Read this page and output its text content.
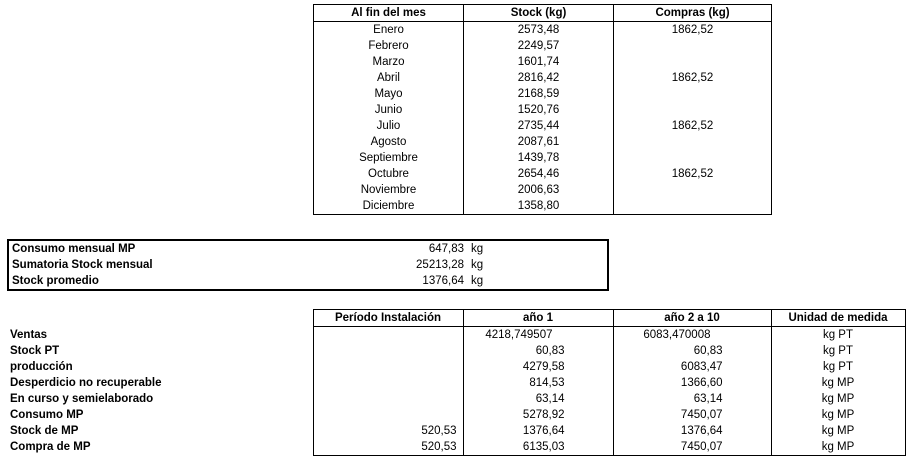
Al fin del mes	Stock (kg)	Compras (kg)
Enero	2573,48	1862,52
Febrero	2249,57	
Marzo	1601,74	
Abril	2816,42	1862,52
Mayo	2168,59	
Junio	1520,76	
Julio	2735,44	1862,52
Agosto	2087,61	
Septiembre	1439,78	
Octubre	2654,46	1862,52
Noviembre	2006,63	
Diciembre	1358,80	
Consumo mensual MP	647,83	kg
Sumatoria Stock mensual	25213,28	kg
Stock promedio	1376,64	kg
	Período Instalación	año 1	año 2 a 10	Unidad de medida
Ventas		4218,749507	6083,470008	kg PT
Stock PT		60,83	60,83	kg PT
producción		4279,58	6083,47	kg PT
Desperdicio no recuperable		814,53	1366,60	kg MP
En curso y semielaborado		63,14	63,14	kg MP
Consumo MP		5278,92	7450,07	kg MP
Stock de MP	520,53	1376,64	1376,64	kg MP
Compra de MP	520,53	6135,03	7450,07	kg MP
